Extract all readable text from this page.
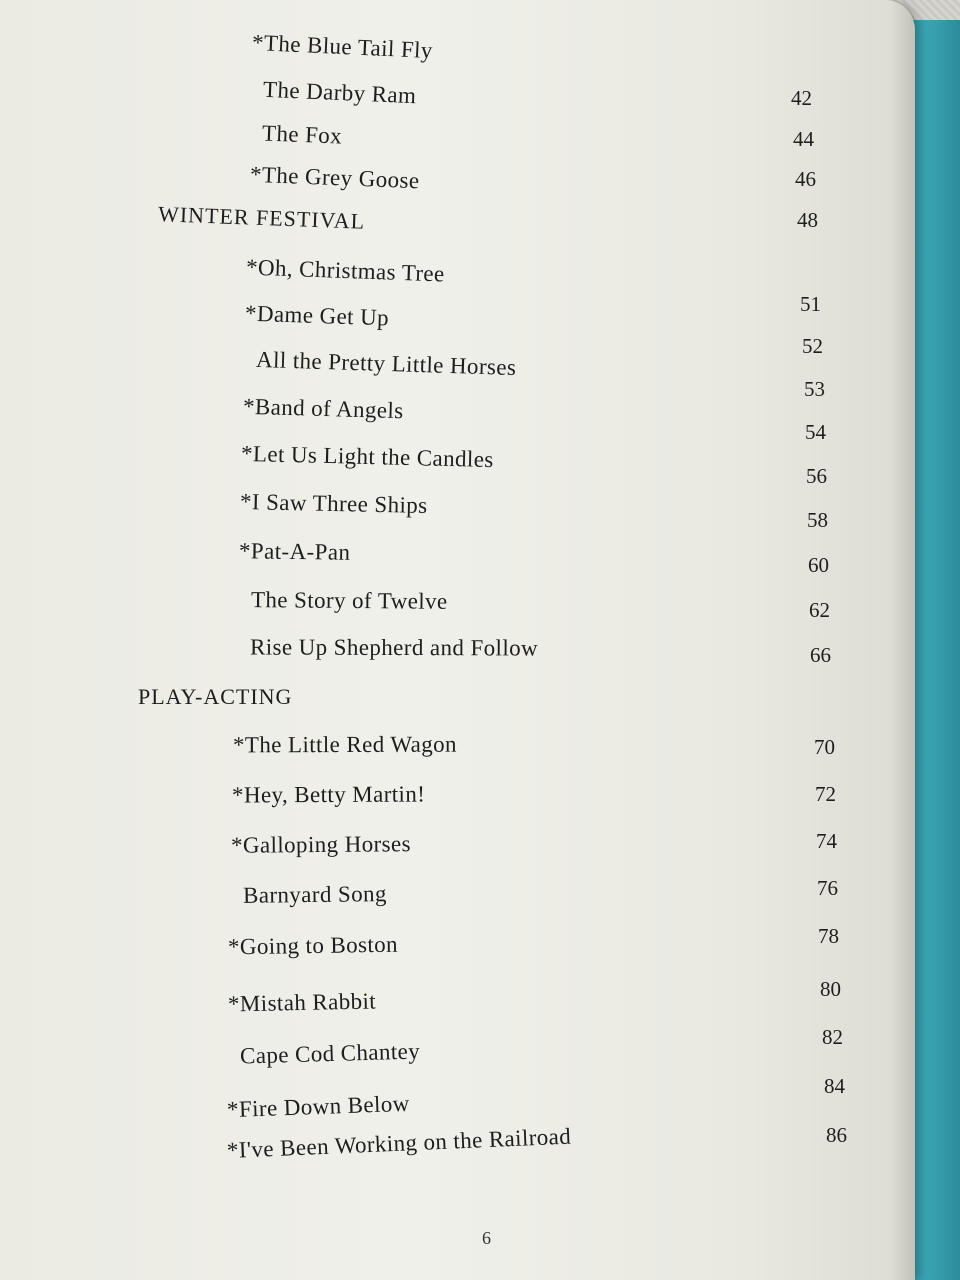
*The Blue Tail Fly
The Darby Ram
The Fox
*The Grey Goose
WINTER FESTIVAL
*Oh, Christmas Tree
*Dame Get Up
All the Pretty Little Horses
*Band of Angels
*Let Us Light the Candles
*I Saw Three Ships
*Pat-A-Pan
The Story of Twelve
Rise Up Shepherd and Follow
PLAY-ACTING
*The Little Red Wagon
*Hey, Betty Martin!
*Galloping Horses
Barnyard Song
*Going to Boston
*Mistah Rabbit
Cape Cod Chantey
*Fire Down Below
*I've Been Working on the Railroad
42
44
46
48
51
52
53
54
56
58
60
62
66
70
72
74
76
78
80
82
84
86
6
